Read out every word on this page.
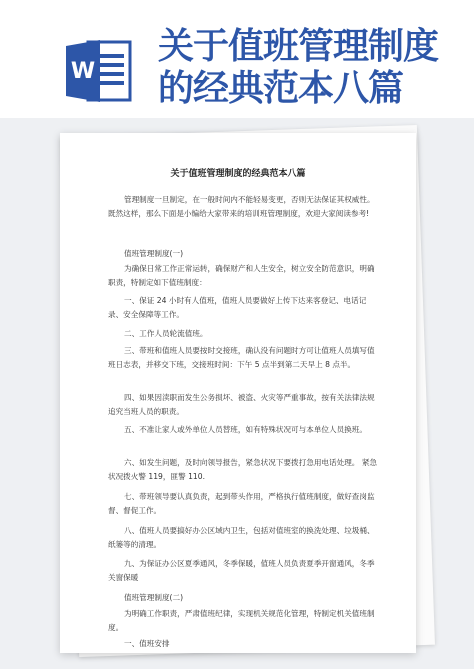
W
关于值班管理制度
的经典范本八篇
关于值班管理制度的经典范本八篇
管理制度一旦制定，在一般时间内不能轻易变更，否则无法保证其权威性。既然这样，那么下面是小编给大家带来的培训班管理制度，欢迎大家阅读参考!
值班管理制度(一)
为确保日常工作正常运转，确保财产和人生安全，树立安全防范意识，明确职责，特制定如下值班制度：
一、保证 24 小时有人值班，值班人员要做好上传下达来客登记、电话记录、安全保障等工作。
二、工作人员轮流值班。
三、带班和值班人员要按时交接班，确认没有问题时方可让值班人员填写值班日志表，并移交下班，交接班时间：下午 5 点半到第二天早上 8 点半。
四、如果因渎职而发生公务损坏、被盗、火灾等严重事故，按有关法律法规追究当班人员的职责。
五、不准让家人或外单位人员替班，如有特殊状况可与本单位人员换班。
六、如发生问题，及时向领导报告，紧急状况下要拨打急用电话处理。 紧急状况拨火警 119，匪警 110.
七、带班领导要认真负责，起到带头作用，严格执行值班制度，做好查岗监督、督促工作。
八、值班人员要搞好办公区域内卫生，包括对值班室的换洗处理、垃圾桶、纸篓等的清理。
九、为保证办公区夏季通风，冬季保暖，值班人员负责夏季开窗通风，冬季关窗保暖
值班管理制度(二)
为明确工作职责，严肃值班纪律，实现机关规范化管理，特制定机关值班制度。
一、值班安排
